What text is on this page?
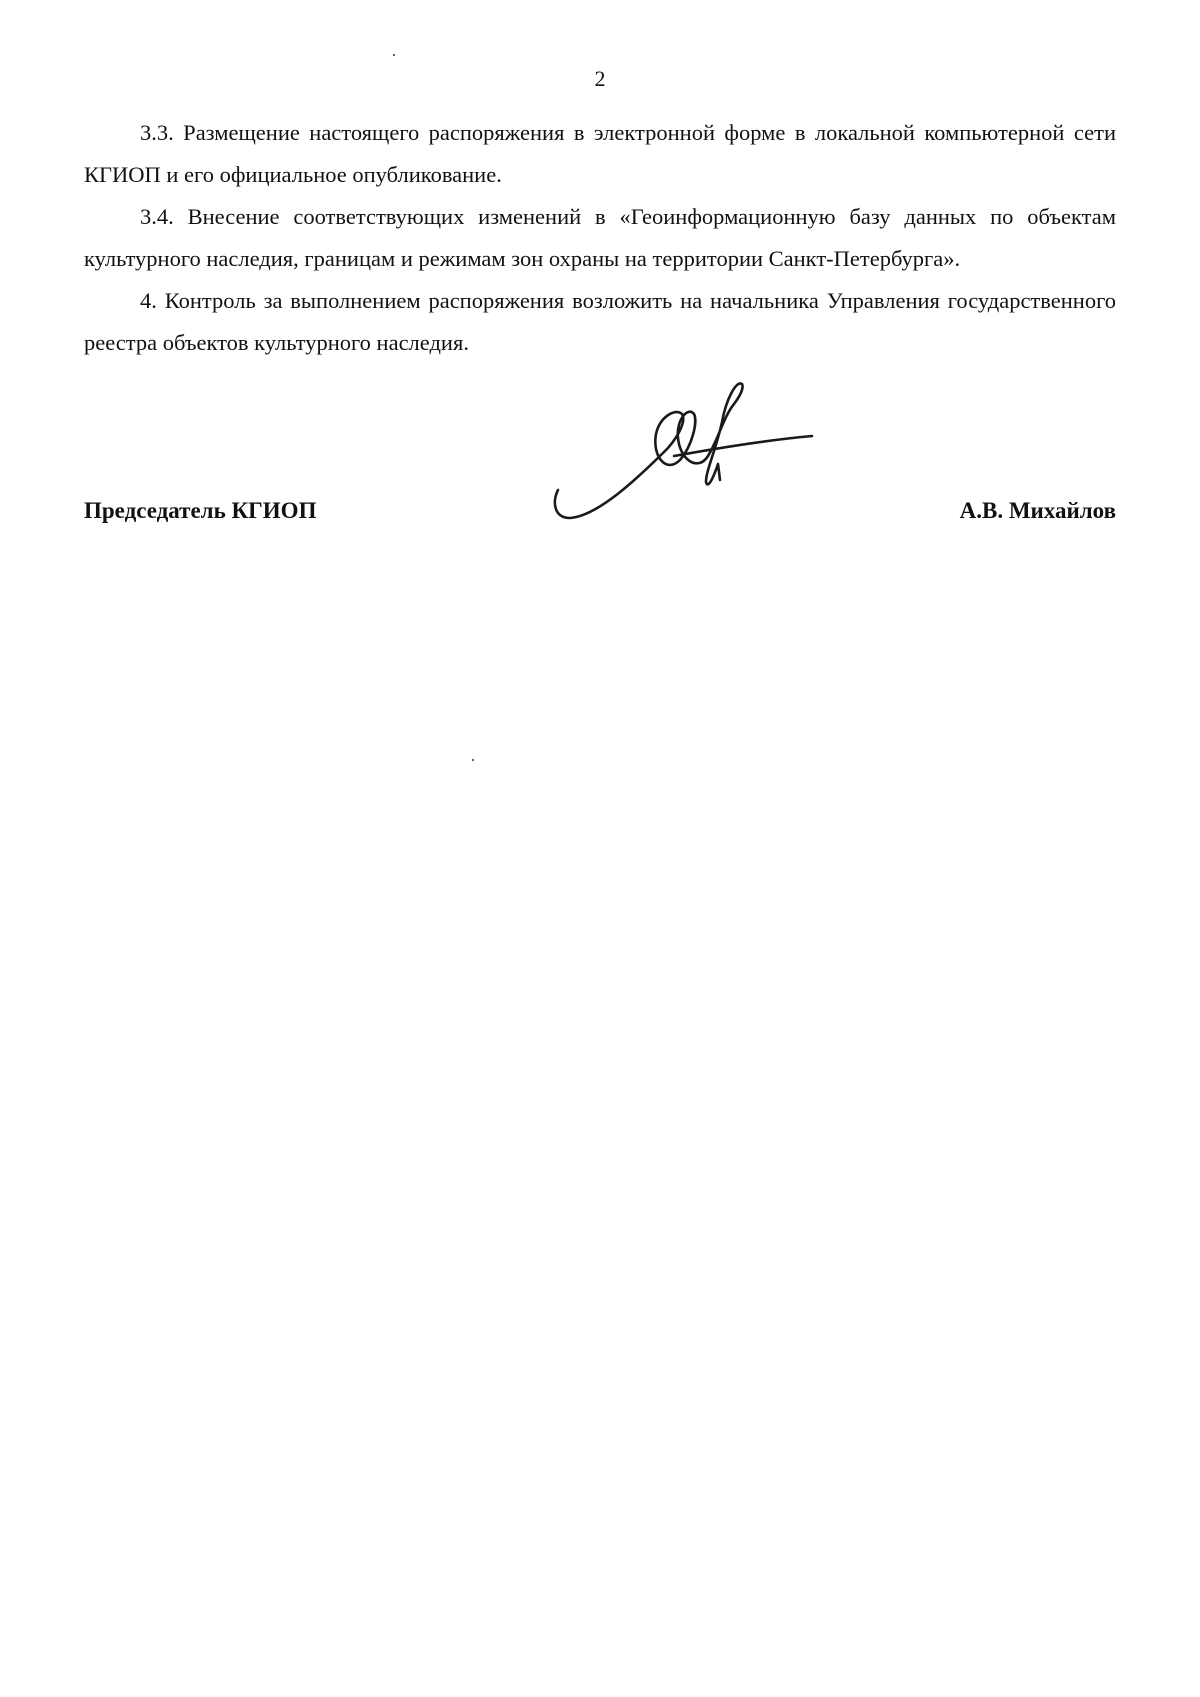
2

3.3. Размещение настоящего распоряжения в электронной форме в локальной компьютерной сети КГИОП и его официальное опубликование.

3.4. Внесение соответствующих изменений в «Геоинформационную базу данных по объектам культурного наследия, границам и режимам зон охраны на территории Санкт-Петербурга».

4. Контроль за выполнением распоряжения возложить на начальника Управления государственного реестра объектов культурного наследия.

Председатель КГИОП	А.В. Михайлов
